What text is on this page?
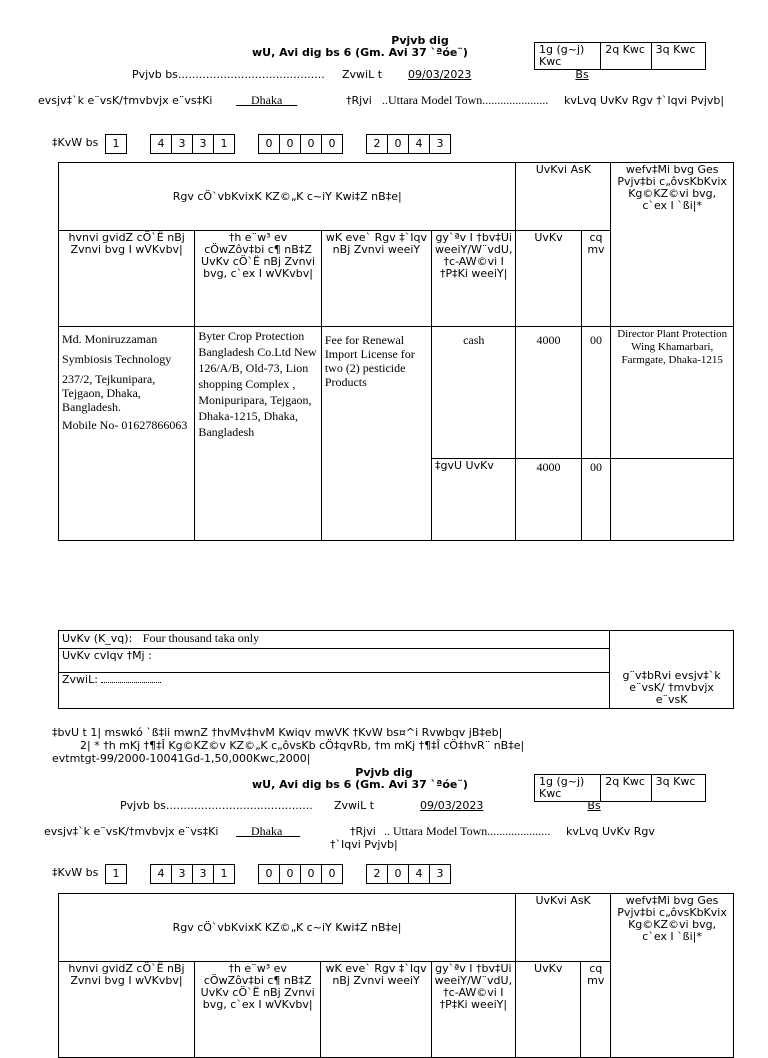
Pvjvb dig
wU, Avi dig bs 6 (Gm. Avi 37 `ªóe¨)	1g (g~j) Kwc
2q Kwc 3q Kwc
Pvjvb bs.......................................... ZvwiL t	09/03/2023	Bs
evsjv‡`k e¨vsK/†mvbvjx e¨vs‡Ki	Dhaka	†Rjvi ..Uttara Model Town...................... kvLvq UvKv Rgv †`Iqvi Pvjvb|
‡KvW bs	1	4	3	3	1	0	0	0	0	2	0	4	3
Rgv cÖ`vbKvixK KZ©„K c~iY Kwi‡Z nB‡e|				UvKvi AsK		wefv‡Mi bvg Ges Pvjv‡bi c„ôvsKbKvix Kg©KZ©vi bvg, c`ex I `ßi|*
hvnvi gvidZ cÖ`Ë nBj Zvnvi bvg I wVKvbv|	†h e¨w³ ev cÖwZôv‡bi c¶ nB‡Z UvKv cÖ`Ë nBj Zvnvi bvg, c`ex I wVKvbv|	wK eve` Rgv ‡`Iqv nBj Zvnvi weeiY	gy`ªv I †bv‡Ui weeiY/W¨vdU, †c-AW©vi I †P‡Ki weeiY|	UvKv	cq mv	

Md. Moniruzzaman
Symbiosis Technology
237/2, Tejkunipara, Tejgaon, Dhaka, Bangladesh.
Mobile No- 01627866063	Byter Crop Protection Bangladesh Co.Ltd New 126/A/B, Old-73, Lion shopping Complex , Monipuripara, Tejgaon, Dhaka-1215, Dhaka, Bangladesh	Fee for Renewal Import License for two (2) pesticide Products	cash	4000	00	Director Plant Protection Wing Khamarbari, Farmgate, Dhaka-1215
			‡gvU UvKv	4000	00	
UvKv (K_vq): Four thousand taka only	g¨v‡bRvi evsjv‡`k e¨vsK/ †mvbvjx e¨vsK
UvKv cvIqv †Mj :
ZvwiL:
‡bvU t 1| mswkó `ß‡ii mwnZ †hvMv‡hvM Kwiqv mwVK †KvW bs¤^i Rvwbqv jB‡eb|
2| * †h mKj †¶‡Î Kg©KZ©v KZ©„K c„ôvsKb cÖ‡qvRb, †m mKj †¶‡Î cÖ‡hvR¨ nB‡e|
evtmtgt-99/2000-10041Gd-1,50,000Kwc,2000|
Pvjvb dig
wU, Avi dig bs 6 (Gm. Avi 37 `ªóe¨)	1g (g~j) Kwc
2q Kwc 3q Kwc
Pvjvb bs.......................................... ZvwiL t	09/03/2023	Bs
evsjv‡`k e¨vsK/†mvbvjx e¨vs‡Ki	Dhaka	†Rjvi .. Uttara Model Town..................... kvLvq UvKv Rgv
†`Iqvi Pvjvb|
‡KvW bs	1	4	3	3	1	0	0	0	0	2	0	4	3
Rgv cÖ`vbKvixK KZ©„K c~iY Kwi‡Z nB‡e|				UvKvi AsK		wefv‡Mi bvg Ges Pvjv‡bi c„ôvsKbKvix Kg©KZ©vi bvg, c`ex I `ßi|*
hvnvi gvidZ cÖ`Ë nBj Zvnvi bvg I wVKvbv|	†h e¨w³ ev cÖwZôv‡bi c¶ nB‡Z UvKv cÖ`Ë nBj Zvnvi bvg, c`ex I wVKvbv|	wK eve` Rgv ‡`Iqv nBj Zvnvi weeiY	gy`ªv I †bv‡Ui weeiY/W¨vdU, †c-AW©vi I †P‡Ki weeiY|	UvKv	cq mv	
